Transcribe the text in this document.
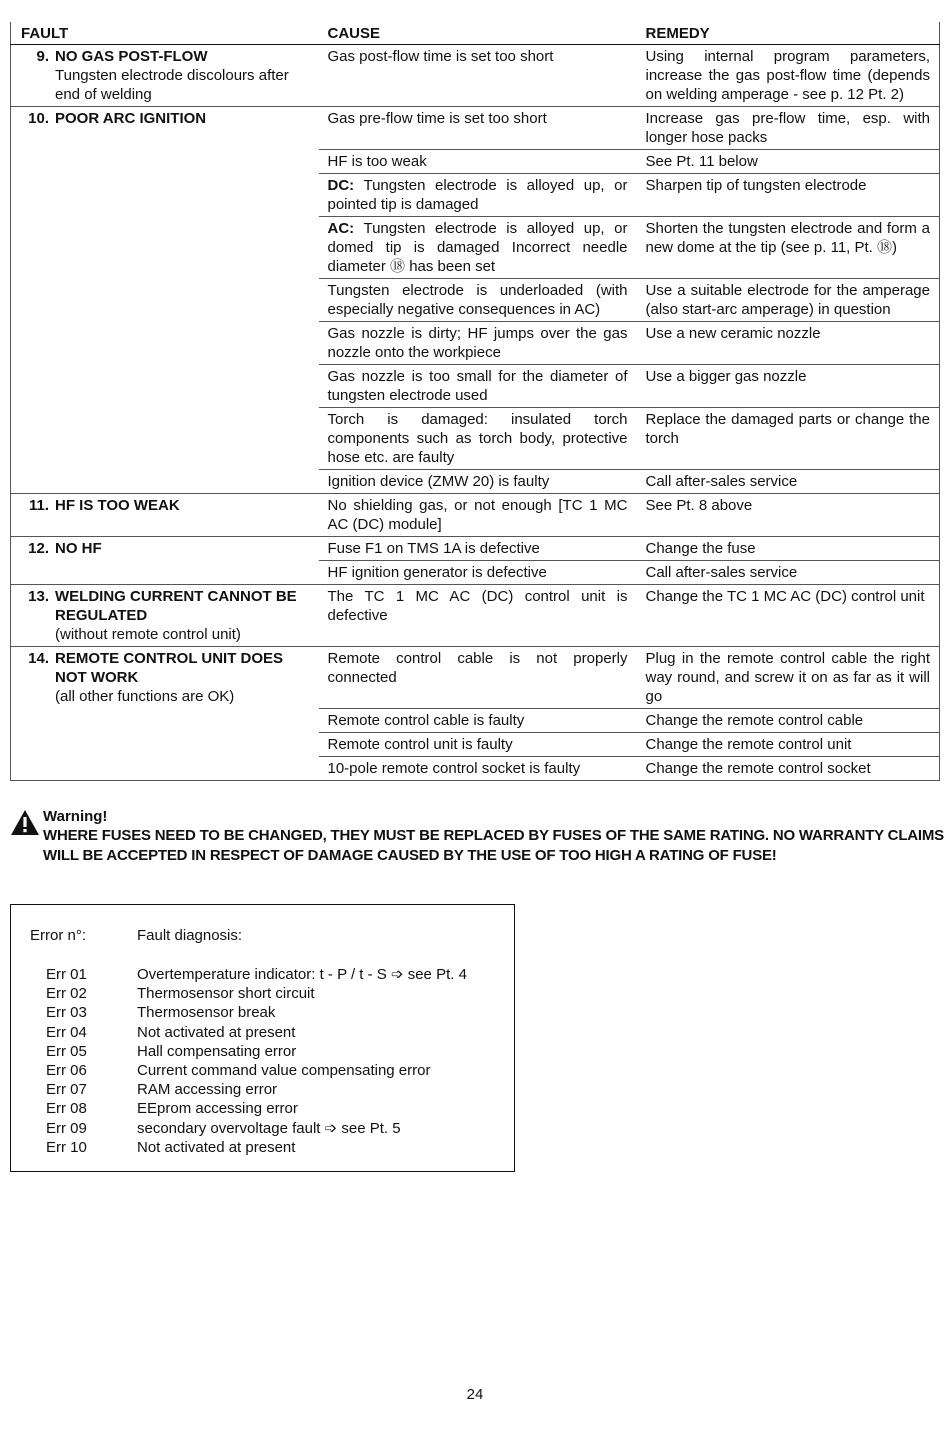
FAULT	CAUSE	REMEDY
9. NO GAS POST-FLOW
Tungsten electrode discolours after end of welding	Gas post-flow time is set too short	Using internal program parameters, increase the gas post-flow time (depends on welding amperage - see p. 12 Pt. 2)
10. POOR ARC IGNITION	Gas pre-flow time is set too short	Increase gas pre-flow time, esp. with longer hose packs
	HF is too weak	See Pt. 11 below
	DC: Tungsten electrode is alloyed up, or pointed tip is damaged	Sharpen tip of tungsten electrode
	AC: Tungsten electrode is alloyed up, or domed tip is damaged Incorrect needle diameter ⑱ has been set	Shorten the tungsten electrode and form a new dome at the tip (see p. 11, Pt. ⑱)
	Tungsten electrode is underloaded (with especially negative consequences in AC)	Use a suitable electrode for the amperage (also start-arc amperage) in question
	Gas nozzle is dirty; HF jumps over the gas nozzle onto the workpiece	Use a new ceramic nozzle
	Gas nozzle is too small for the diameter of tungsten electrode used	Use a bigger gas nozzle
	Torch is damaged: insulated torch components such as torch body, protective hose etc. are faulty	Replace the damaged parts or change the torch
	Ignition device (ZMW 20) is faulty	Call after-sales service
11. HF IS TOO WEAK	No shielding gas, or not enough [TC 1 MC AC (DC) module]	See Pt. 8 above
12. NO HF	Fuse F1 on TMS 1A is defective	Change the fuse
	HF ignition generator is defective	Call after-sales service
13. WELDING CURRENT CANNOT BE REGULATED
(without remote control unit)	The TC 1 MC AC (DC) control unit is defective	Change the TC 1 MC AC (DC) control unit
14. REMOTE CONTROL UNIT DOES NOT WORK
(all other functions are OK)	Remote control cable is not properly connected	Plug in the remote control cable the right way round, and screw it on as far as it will go
	Remote control cable is faulty	Change the remote control cable
	Remote control unit is faulty	Change the remote control unit
	10-pole remote control socket is faulty	Change the remote control socket
Warning!
WHERE FUSES NEED TO BE CHANGED, THEY MUST BE REPLACED BY FUSES OF THE SAME RATING. NO WARRANTY CLAIMS WILL BE ACCEPTED IN RESPECT OF DAMAGE CAUSED BY THE USE OF TOO HIGH A RATING OF FUSE!
Error n°:	Fault diagnosis:
Err 01	Overtemperature indicator: t - P / t - S ➩ see Pt. 4
Err 02	Thermosensor short circuit
Err 03	Thermosensor break
Err 04	Not activated at present
Err 05	Hall compensating error
Err 06	Current command value compensating error
Err 07	RAM accessing error
Err 08	EEprom accessing error
Err 09	secondary overvoltage fault ➩ see Pt. 5
Err 10	Not activated at present
24
